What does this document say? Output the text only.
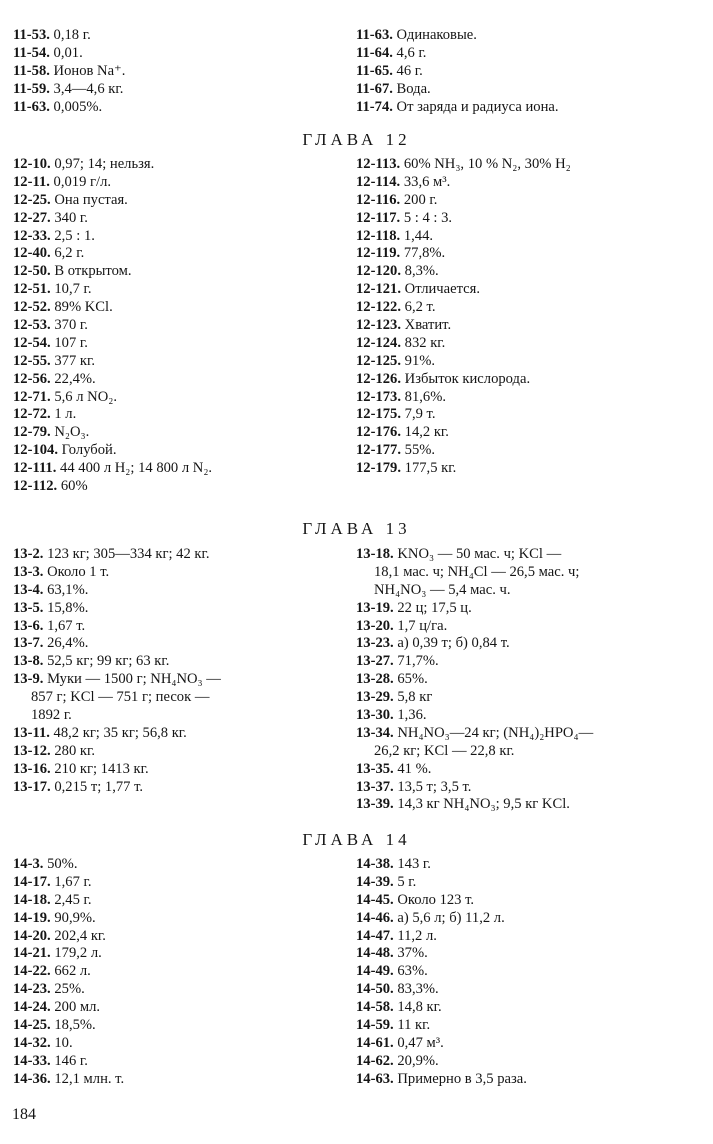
11-53. 0,18 г.
11-54. 0,01.
11-58. Ионов Na⁺.
11-59. 3,4—4,6 кг.
11-63. 0,005%.
11-63. Одинаковые.
11-64. 4,6 г.
11-65. 46 г.
11-67. Вода.
11-74. От заряда и радиуса иона.
ГЛАВА 12
12-10. 0,97; 14; нельзя.
12-11. 0,019 г/л.
12-25. Она пустая.
12-27. 340 г.
12-33. 2,5 : 1.
12-40. 6,2 г.
12-50. В открытом.
12-51. 10,7 г.
12-52. 89% KCl.
12-53. 370 г.
12-54. 107 г.
12-55. 377 кг.
12-56. 22,4%.
12-71. 5,6 л NO₂.
12-72. 1 л.
12-79. N₂O₃.
12-104. Голубой.
12-111. 44 400 л H₂; 14 800 л N₂.
12-112. 60%
12-113. 60% NH₃, 10 % N₂, 30% H₂
12-114. 33,6 м³.
12-116. 200 г.
12-117. 5 : 4 : 3.
12-118. 1,44.
12-119. 77,8%.
12-120. 8,3%.
12-121. Отличается.
12-122. 6,2 т.
12-123. Хватит.
12-124. 832 кг.
12-125. 91%.
12-126. Избыток кислорода.
12-173. 81,6%.
12-175. 7,9 т.
12-176. 14,2 кг.
12-177. 55%.
12-179. 177,5 кг.
ГЛАВА 13
13-2. 123 кг; 305—334 кг; 42 кг.
13-3. Около 1 т.
13-4. 63,1%.
13-5. 15,8%.
13-6. 1,67 т.
13-7. 26,4%.
13-8. 52,5 кг; 99 кг; 63 кг.
13-9. Муки — 1500 г; NH₄NO₃ —
857 г; KCl — 751 г; песок —
1892 г.
13-11. 48,2 кг; 35 кг; 56,8 кг.
13-12. 280 кг.
13-16. 210 кг; 1413 кг.
13-17. 0,215 т; 1,77 т.
13-18. KNO₃ — 50 мас. ч; KCl —
18,1 мас. ч; NH₄Cl — 26,5 мас. ч;
NH₄NO₃ — 5,4 мас. ч.
13-19. 22 ц; 17,5 ц.
13-20. 1,7 ц/га.
13-23. а) 0,39 т; б) 0,84 т.
13-27. 71,7%.
13-28. 65%.
13-29. 5,8 кг
13-30. 1,36.
13-34. NH₄NO₃—24 кг; (NH₄)₂HPO₄—
26,2 кг; KCl — 22,8 кг.
13-35. 41 %.
13-37. 13,5 т; 3,5 т.
13-39. 14,3 кг NH₄NO₃; 9,5 кг KCl.
ГЛАВА 14
14-3. 50%.
14-17. 1,67 г.
14-18. 2,45 г.
14-19. 90,9%.
14-20. 202,4 кг.
14-21. 179,2 л.
14-22. 662 л.
14-23. 25%.
14-24. 200 мл.
14-25. 18,5%.
14-32. 10.
14-33. 146 г.
14-36. 12,1 млн. т.
14-38. 143 г.
14-39. 5 г.
14-45. Около 123 т.
14-46. а) 5,6 л; б) 11,2 л.
14-47. 11,2 л.
14-48. 37%.
14-49. 63%.
14-50. 83,3%.
14-58. 14,8 кг.
14-59. 11 кг.
14-61. 0,47 м³.
14-62. 20,9%.
14-63. Примерно в 3,5 раза.
184
